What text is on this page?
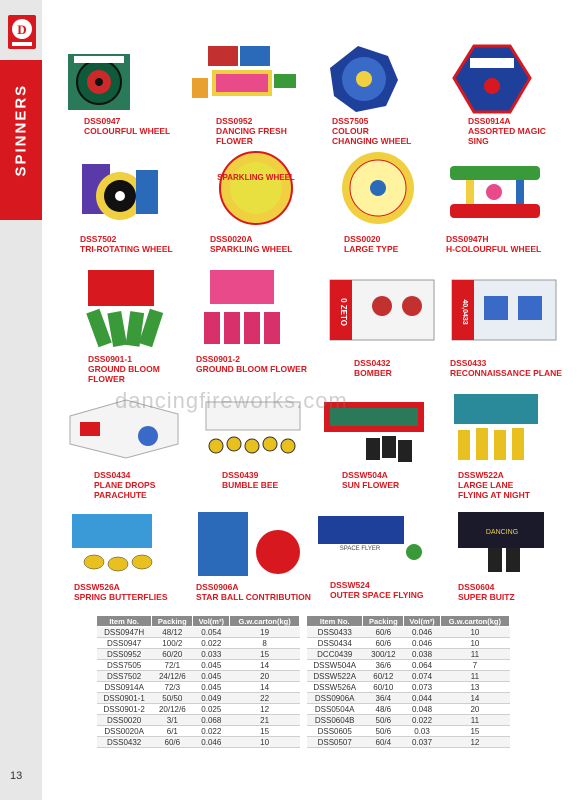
D
13
DSS0947
COLOURFUL WHEEL
DSS0952
DANCING FRESH FLOWER
DSS7505
COLOUR CHANGING WHEEL
DSS0914A
ASSORTED MAGIC SING
DSS7502
TRI-ROTATING WHEEL
SPARKLING WHEEL
DSS0020A
SPARKLING WHEEL
DSS0020
LARGE TYPE
DSS0947H
H-COLOURFUL WHEEL
DSS0901-1
GROUND BLOOM FLOWER
DSS0901-2
GROUND BLOOM FLOWER
0 ZETO
DSS0432
BOMBER
40,0433
DSS0433
RECONNAISSANCE PLANE
DSS0434
PLANE DROPS PARACHUTE
DSS0439
BUMBLE BEE
DSSW504A
SUN FLOWER
DSSW522A
LARGE LANE FLYING AT NIGHT
DSSW526A
SPRING BUTTERFLIES
DSS0906A
STAR BALL CONTRIBUTION
SPACE FLYER
DSSW524
OUTER SPACE FLYING
DANCING
DSS0604
SUPER BUITZ
dancingfireworks.com
Item No.	Packing	Vol(m³)	G.w.carton(kg)
DSS0947H	48/12	0.054	19
DSS0947	100/2	0.022	8
DSS0952	60/20	0.033	15
DSS7505	72/1	0.045	14
DSS7502	24/12/6	0.045	20
DSS0914A	72/3	0.045	14
DSS0901-1	50/50	0.049	22
DSS0901-2	20/12/6	0.025	12
DSS0020	3/1	0.068	21
DSS0020A	6/1	0.022	15
DSS0432	60/6	0.046	10
Item No.	Packing	Vol(m³)	G.w.carton(kg)
DSS0433	60/6	0.046	10
DSS0434	60/6	0.046	10
DCC0439	300/12	0.038	11
DSSW504A	36/6	0.064	7
DSSW522A	60/12	0.074	11
DSSW526A	60/10	0.073	13
DSS0906A	36/4	0.044	14
DSS0504A	48/6	0.048	20
DSS0604B	50/6	0.022	11
DSS0605	50/6	0.03	15
DSS0507	60/4	0.037	12
